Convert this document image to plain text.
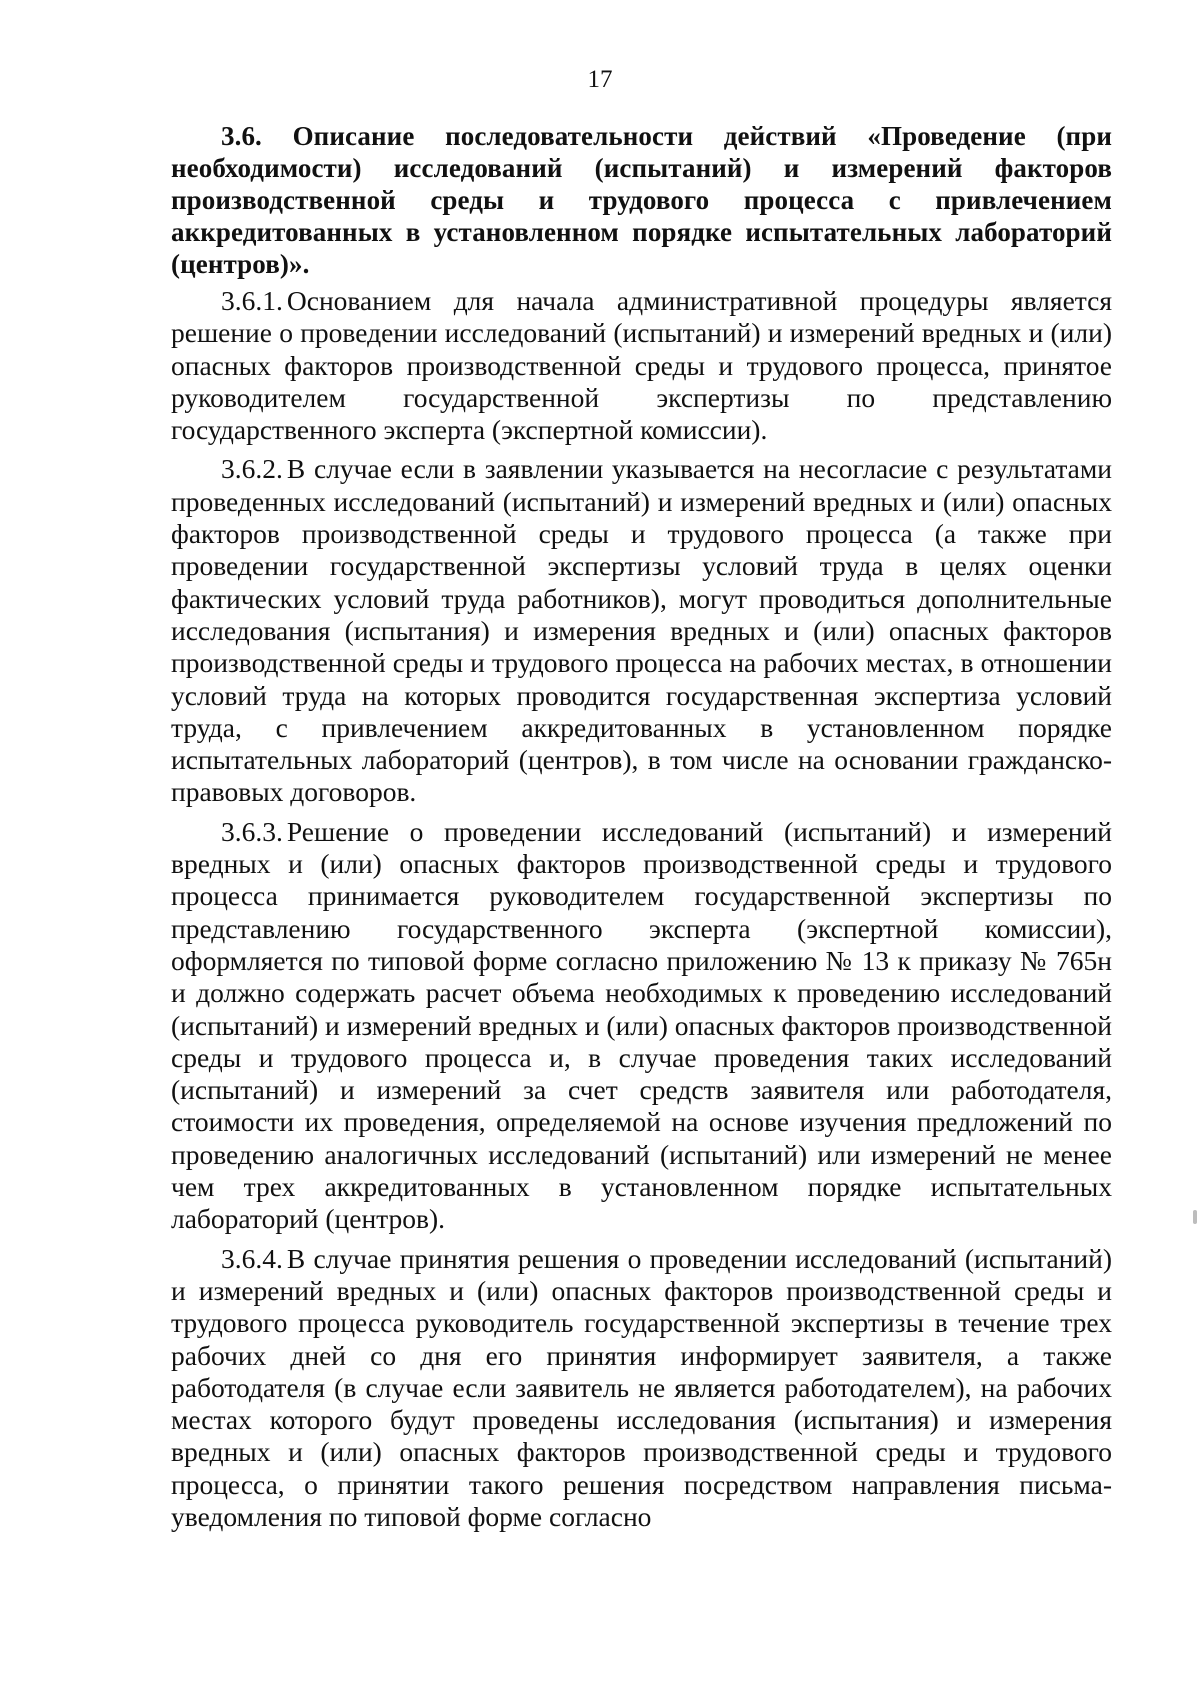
17

3.6. Описание последовательности действий «Проведение (при необходимости) исследований (испытаний) и измерений факторов производственной среды и трудового процесса с привлечением аккредитованных в установленном порядке испытательных лабораторий (центров)».

3.6.1. Основанием для начала административной процедуры является решение о проведении исследований (испытаний) и измерений вредных и (или) опасных факторов производственной среды и трудового процесса, принятое руководителем государственной экспертизы по представлению государственного эксперта (экспертной комиссии).

3.6.2. В случае если в заявлении указывается на несогласие с результатами проведенных исследований (испытаний) и измерений вредных и (или) опасных факторов производственной среды и трудового процесса (а также при проведении государственной экспертизы условий труда в целях оценки фактических условий труда работников), могут проводиться дополнительные исследования (испытания) и измерения вредных и (или) опасных факторов производственной среды и трудового процесса на рабочих местах, в отношении условий труда на которых проводится государственная экспертиза условий труда, с привлечением аккредитованных в установленном порядке испытательных лабораторий (центров), в том числе на основании гражданско-правовых договоров.

3.6.3. Решение о проведении исследований (испытаний) и измерений вредных и (или) опасных факторов производственной среды и трудового процесса принимается руководителем государственной экспертизы по представлению государственного эксперта (экспертной комиссии), оформляется по типовой форме согласно приложению № 13 к приказу № 765н и должно содержать расчет объема необходимых к проведению исследований (испытаний) и измерений вредных и (или) опасных факторов производственной среды и трудового процесса и, в случае проведения таких исследований (испытаний) и измерений за счет средств заявителя или работодателя, стоимости их проведения, определяемой на основе изучения предложений по проведению аналогичных исследований (испытаний) или измерений не менее чем трех аккредитованных в установленном порядке испытательных лабораторий (центров).

3.6.4. В случае принятия решения о проведении исследований (испытаний) и измерений вредных и (или) опасных факторов производственной среды и трудового процесса руководитель государственной экспертизы в течение трех рабочих дней со дня его принятия информирует заявителя, а также работодателя (в случае если заявитель не является работодателем), на рабочих местах которого будут проведены исследования (испытания) и измерения вредных и (или) опасных факторов производственной среды и трудового процесса, о принятии такого решения посредством направления письма-уведомления по типовой форме согласно
